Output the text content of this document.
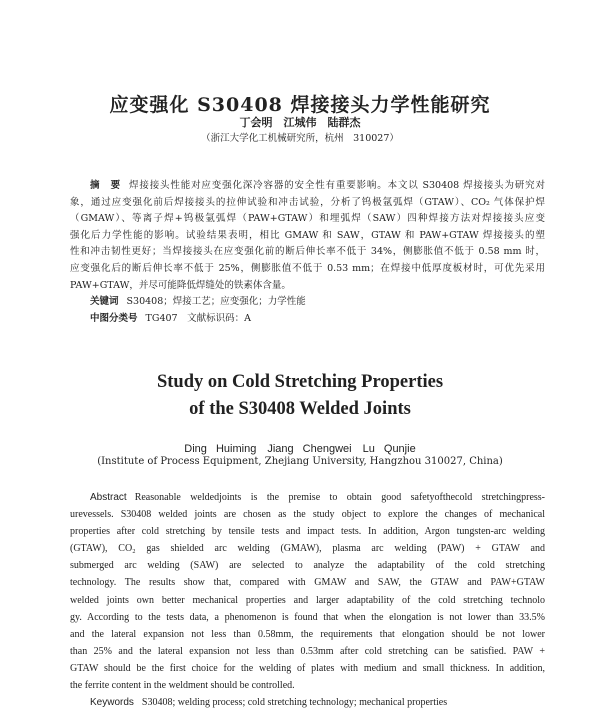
应变强化 S30408 焊接接头力学性能研究
丁会明　江城伟　陆群杰
（浙江大学化工机械研究所，杭州　310027）
摘　要 焊接接头性能对应变强化深冷容器的安全性有重要影响。本文以 S30408 焊接接头为研究对
象，通过应变强化前后焊接接头的拉伸试验和冲击试验，分析了钨极氩弧焊（GTAW）、CO₂ 气体保护焊
（GMAW）、等离子焊+钨极氩弧焊（PAW+GTAW）和埋弧焊（SAW）四种焊接方法对焊接接头应变
强化后力学性能的影响。试验结果表明，相比 GMAW 和 SAW，GTAW 和 PAW+GTAW 焊接接头的塑
性和冲击韧性更好；当焊接接头在应变强化前的断后伸长率不低于 34%，侧膨胀值不低于 0.58 mm 时，
应变强化后的断后伸长率不低于 25%，侧膨胀值不低于 0.53 mm；在焊接中低厚度板材时，可优先采用
PAW+GTAW，并尽可能降低焊缝处的铁素体含量。
关键词 S30408；焊接工艺；应变强化；力学性能
中图分类号 TG407　文献标识码：A
Study on Cold Stretching Properties
of the S30408 Welded Joints
Ding Huiming　Jiang Chengwei　Lu Qunjie
(Institute of Process Equipment, Zhejiang University, Hangzhou 310027, China)
Abstract Reasonable weldedjoints is the premise to obtain good safetyofthecold stretchingpress-
urevessels. S30408 welded joints are chosen as the study object to explore the changes of mechanical
properties after cold stretching by tensile tests and impact tests. In addition, Argon tungsten-arc welding
(GTAW), CO₂ gas shielded arc welding (GMAW), plasma arc welding (PAW) + GTAW and
submerged arc welding (SAW) are selected to analyze the adaptability of the cold stretching
technology. The results show that, compared with GMAW and SAW, the GTAW and PAW+GTAW
welded joints own better mechanical properties and larger adaptability of the cold stretching technolo
gy. According to the tests data, a phenomenon is found that when the elongation is not lower than 33.5%
and the lateral expansion not less than 0.58mm, the requirements that elongation should be not lower
than 25% and the lateral expansion not less than 0.53mm after cold stretching can be satisfied. PAW +
GTAW should be the first choice for the welding of plates with medium and small thickness. In addition,
the ferrite content in the weldment should be controlled.
Keywords S30408; welding process; cold stretching technology; mechanical properties
